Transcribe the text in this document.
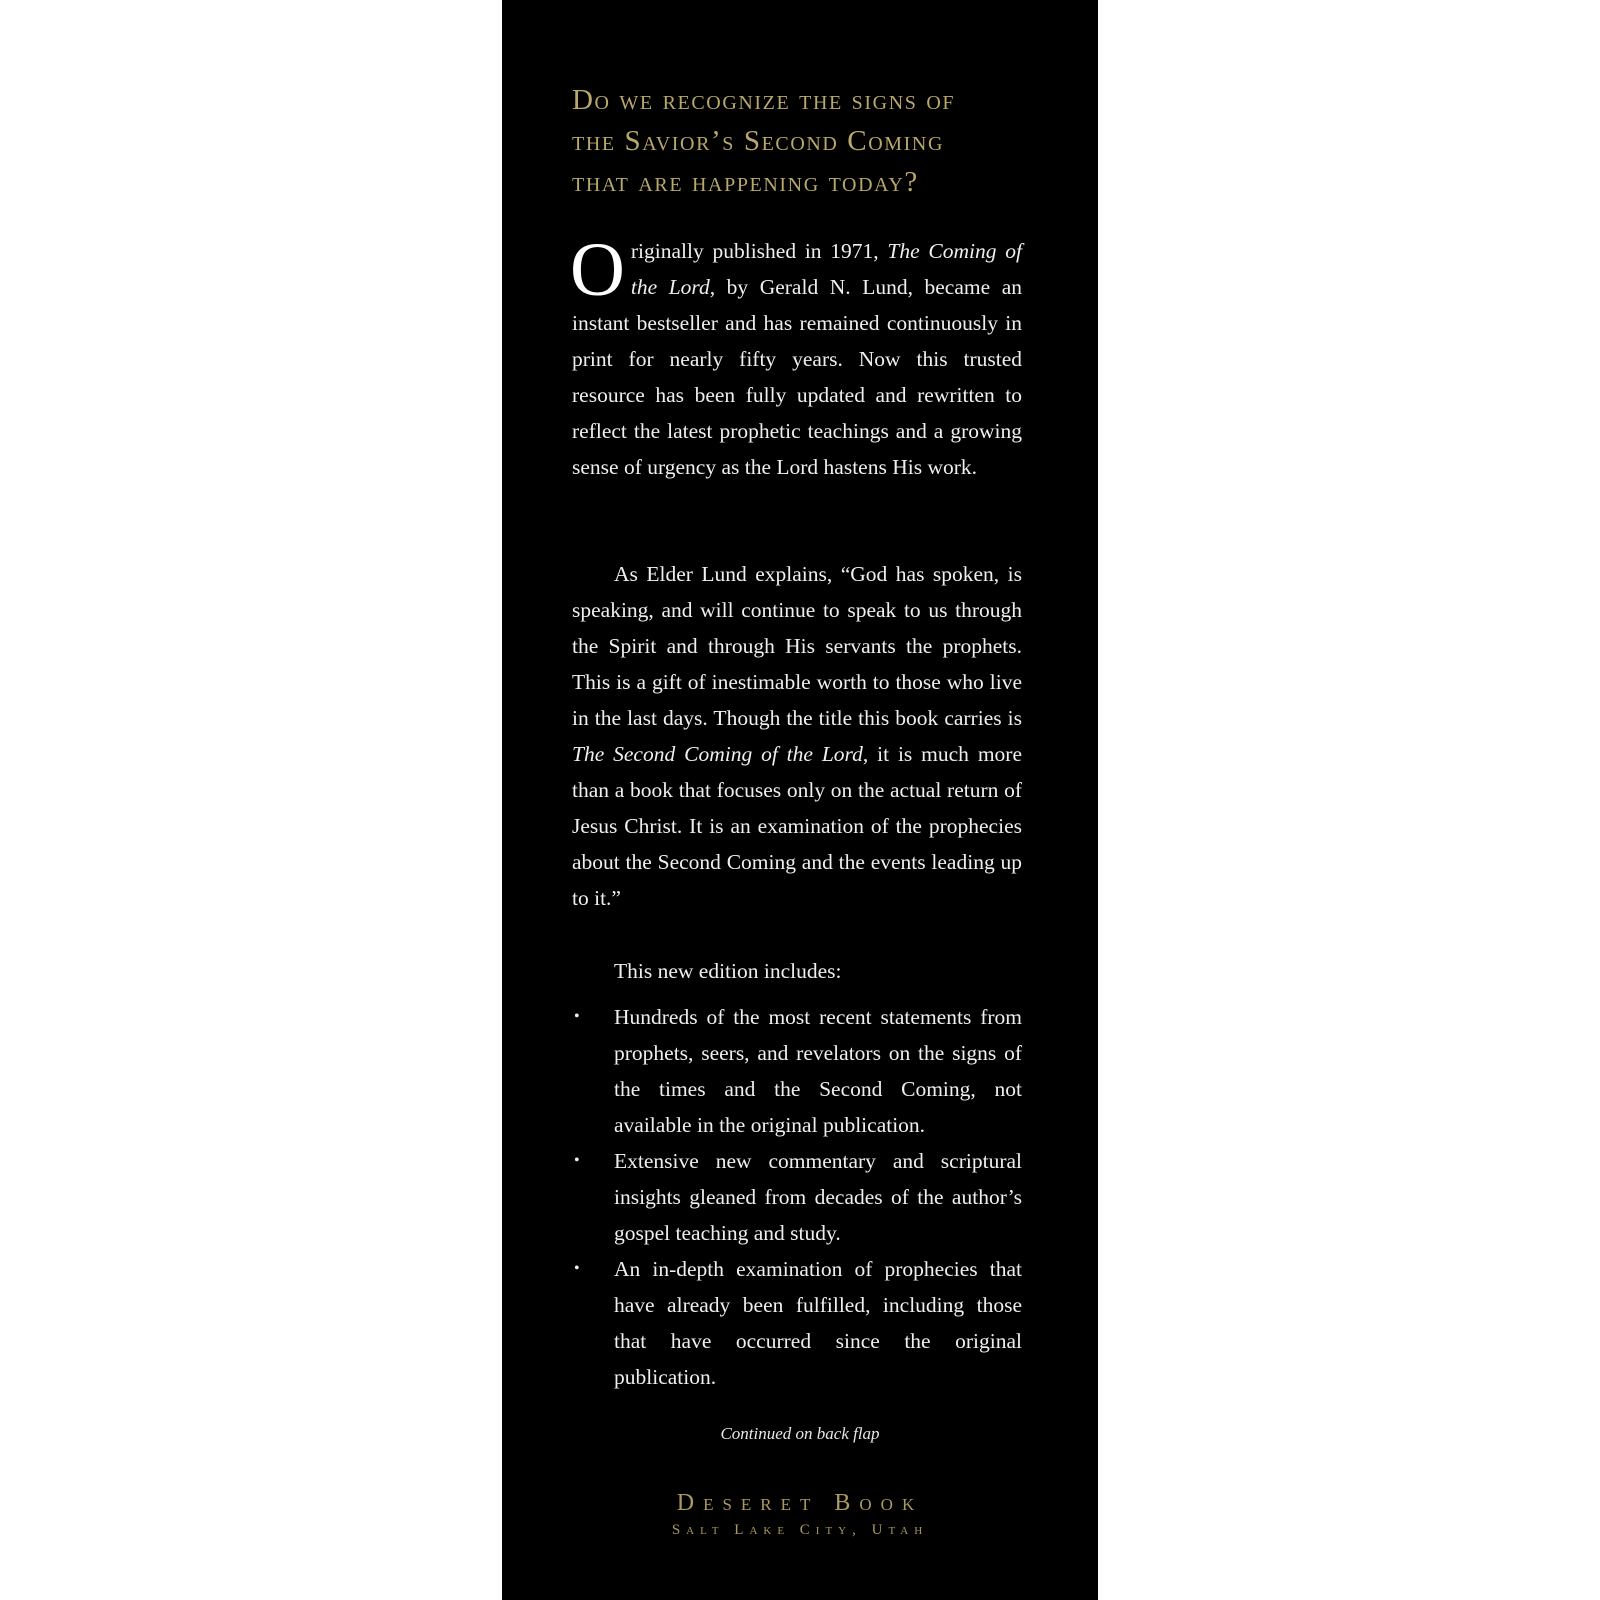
Do we recognize the signs of
the Savior’s Second Coming
that are happening today?

Originally published in 1971, The Coming of the Lord, by Gerald N. Lund, became an instant bestseller and has remained continuously in print for nearly fifty years. Now this trusted resource has been fully updated and rewritten to reflect the latest prophetic teachings and a growing sense of urgency as the Lord hastens His work.

As Elder Lund explains, “God has spoken, is speaking, and will continue to speak to us through the Spirit and through His servants the prophets. This is a gift of inestimable worth to those who live in the last days. Though the title this book carries is The Second Coming of the Lord, it is much more than a book that focuses only on the actual return of Jesus Christ. It is an examination of the prophecies about the Second Coming and the events leading up to it.”

This new edition includes:

• Hundreds of the most recent statements from prophets, seers, and revelators on the signs of the times and the Second Coming, not available in the original publication.
• Extensive new commentary and scriptural insights gleaned from decades of the author’s gospel teaching and study.
• An in-depth examination of prophecies that have already been fulfilled, including those that have occurred since the original publication.
Continued on back flap
Deseret Book
Salt Lake City, Utah
